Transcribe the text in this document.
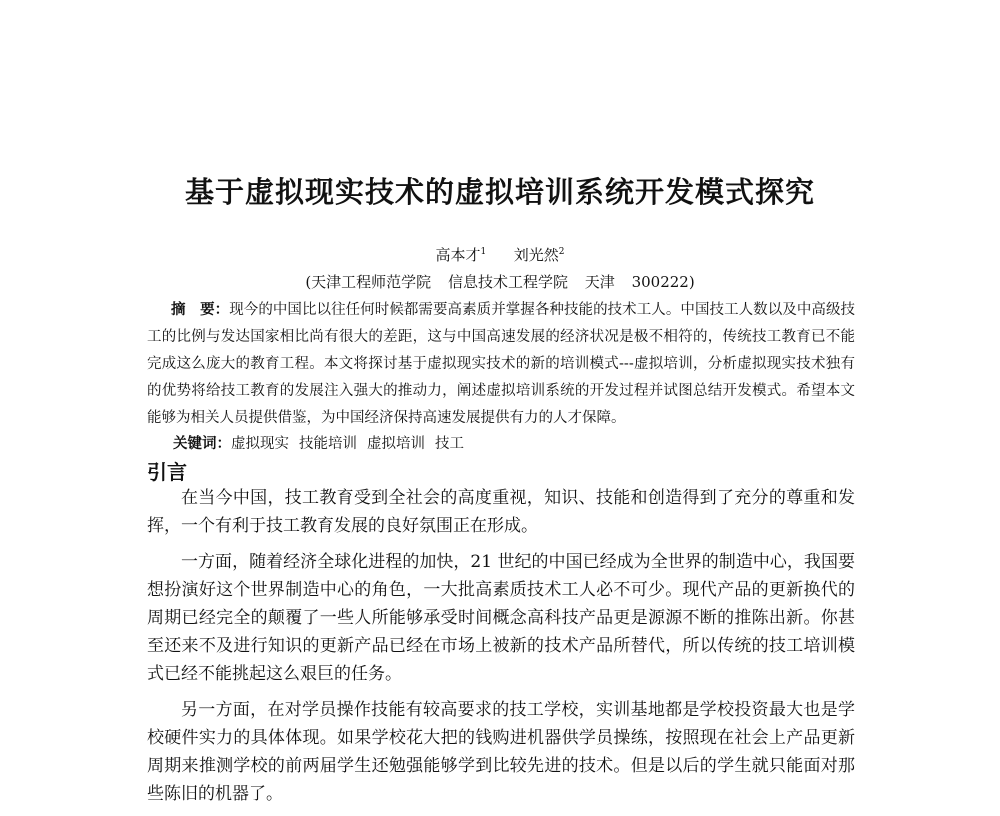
基于虚拟现实技术的虚拟培训系统开发模式探究
高本才$^1$ 刘光然$^2$
(天津工程师范学院 信息技术工程学院 天津 300222)

摘　要：现今的中国比以往任何时候都需要高素质并掌握各种技能的技术工人。中国技工人数以及中高级技工的比例与发达国家相比尚有很大的差距，这与中国高速发展的经济状况是极不相符的，传统技工教育已不能完成这么庞大的教育工程。本文将探讨基于虚拟现实技术的新的培训模式---虚拟培训，分析虚拟现实技术独有的优势将给技工教育的发展注入强大的推动力，阐述虚拟培训系统的开发过程并试图总结开发模式。希望本文能够为相关人员提供借鉴，为中国经济保持高速发展提供有力的人才保障。

关键词：虚拟现实 技能培训 虚拟培训 技工
引言

在当今中国，技工教育受到全社会的高度重视，知识、技能和创造得到了充分的尊重和发挥，一个有利于技工教育发展的良好氛围正在形成。

一方面，随着经济全球化进程的加快，21 世纪的中国已经成为全世界的制造中心，我国要想扮演好这个世界制造中心的角色，一大批高素质技术工人必不可少。现代产品的更新换代的周期已经完全的颠覆了一些人所能够承受时间概念高科技产品更是源源不断的推陈出新。你甚至还来不及进行知识的更新产品已经在市场上被新的技术产品所替代，所以传统的技工培训模式已经不能挑起这么艰巨的任务。

另一方面，在对学员操作技能有较高要求的技工学校，实训基地都是学校投资最大也是学校硬件实力的具体体现。如果学校花大把的钱购进机器供学员操练，按照现在社会上产品更新周期来推测学校的前两届学生还勉强能够学到比较先进的技术。但是以后的学生就只能面对那些陈旧的机器了。
